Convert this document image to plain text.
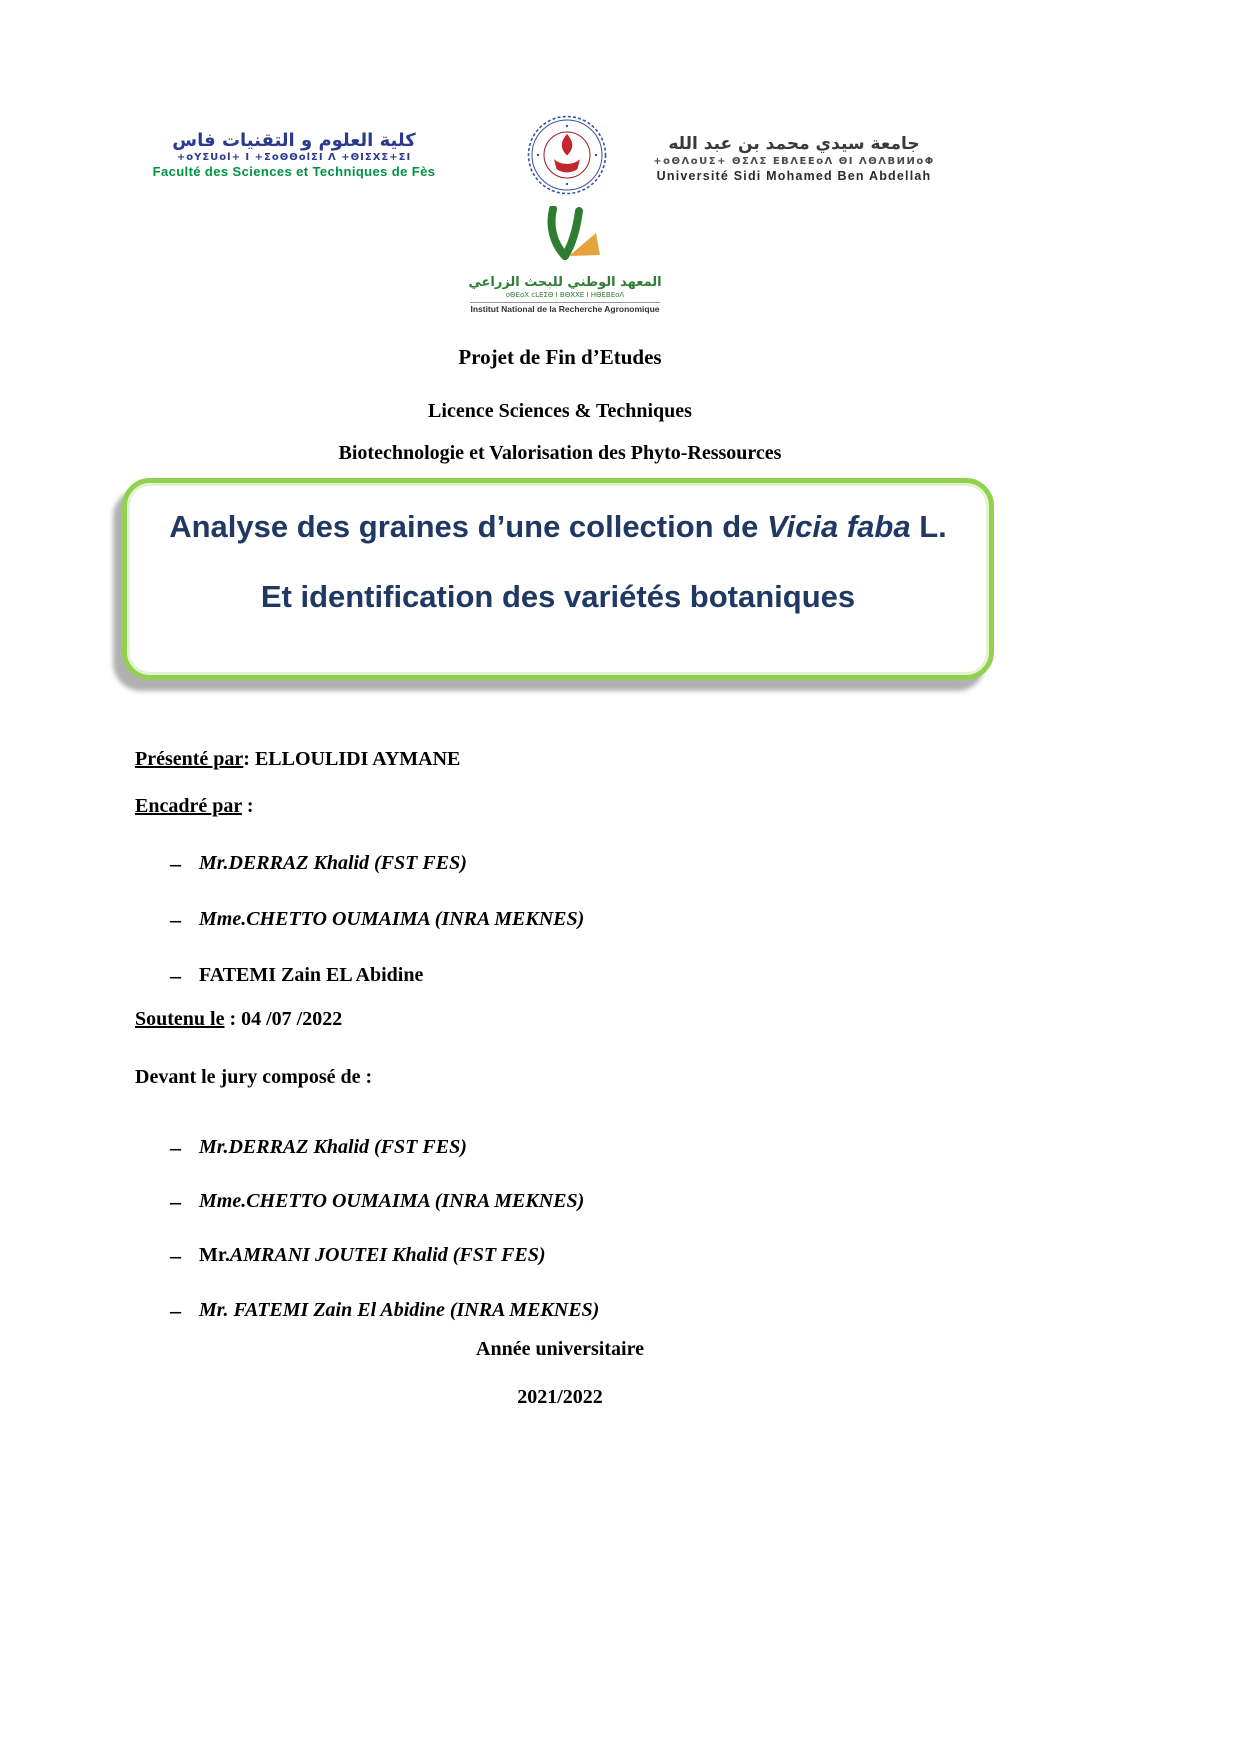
كلية العلوم و التقنيات فاس
+oYΣUol+ I +ΣoΘΘolΣI Λ +ΘIΣΧΣ+ΣI
Faculté des Sciences et Techniques de Fès
جامعة سيدي محمد بن عبد الله
+oΘΛoUΣ+ ΘΣΛΣ ΕΒΛΕΕoΛ ΘI ΛΘΛΒИИoΦ
Université Sidi Mohamed Ben Abdellah
المعهد الوطني للبحث الزراعي
oΘΕoΧ cLΕΣΘ I ΒΘΧΧΕ I ΗΘΕΒΕoΛ
Institut National de la Recherche Agronomique
Projet de Fin d’Etudes
Licence Sciences & Techniques
Biotechnologie et Valorisation des Phyto-Ressources
Analyse des graines d’une collection de Vicia faba L.
Et identification des variétés botaniques
Présenté par: ELLOULIDI AYMANE
Encadré par :
– Mr.DERRAZ Khalid (FST FES)
– Mme.CHETTO OUMAIMA (INRA MEKNES)
– FATEMI Zain EL Abidine
Soutenu le : 04 /07 /2022
Devant le jury composé de :
– Mr.DERRAZ Khalid (FST FES)
– Mme.CHETTO OUMAIMA (INRA MEKNES)
– Mr.AMRANI JOUTEI Khalid (FST FES)
– Mr. FATEMI Zain El Abidine (INRA MEKNES)
Année universitaire
2021/2022
